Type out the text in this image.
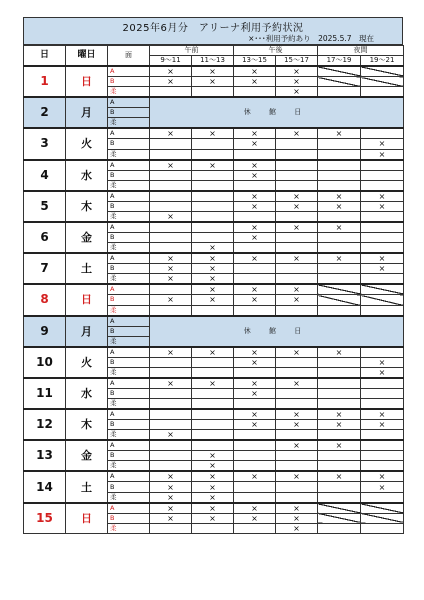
2025年6月分　アリーナ利用予約状況
×･･･利用予約あり　2025.5.7　現在
日	曜日	面	午前		午後		夜間	
			9～11	11～13	13～15	15～17	17～19	19～21
1	日	A	×	×	×	×		
		B	×	×	×	×		
		柔				×		
2	月	A	休 館 日					
		B						
		柔						
3	火	A	×	×	×	×	×	
		B			×			×
		柔						×
4	水	A	×	×	×			
		B			×			
		柔						
5	木	A			×	×	×	×
		B			×	×	×	×
		柔	×					
6	金	A			×	×	×	
		B			×			
		柔		×				
7	土	A	×	×	×	×	×	×
		B	×	×				×
		柔	×	×				
8	日	A		×	×	×		
		B	×	×	×	×		
		柔						
9	月	A	休 館 日					
		B						
		柔						
10	火	A	×	×	×	×	×	
		B			×			×
		柔						×
11	水	A	×	×	×	×		
		B			×			
		柔						
12	木	A			×	×	×	×
		B			×	×	×	×
		柔	×					
13	金	A				×	×	
		B		×				
		柔		×				
14	土	A	×	×	×	×	×	×
		B	×	×				×
		柔	×	×				
15	日	A	×	×	×	×		
		B	×	×	×	×		
		柔				×		
